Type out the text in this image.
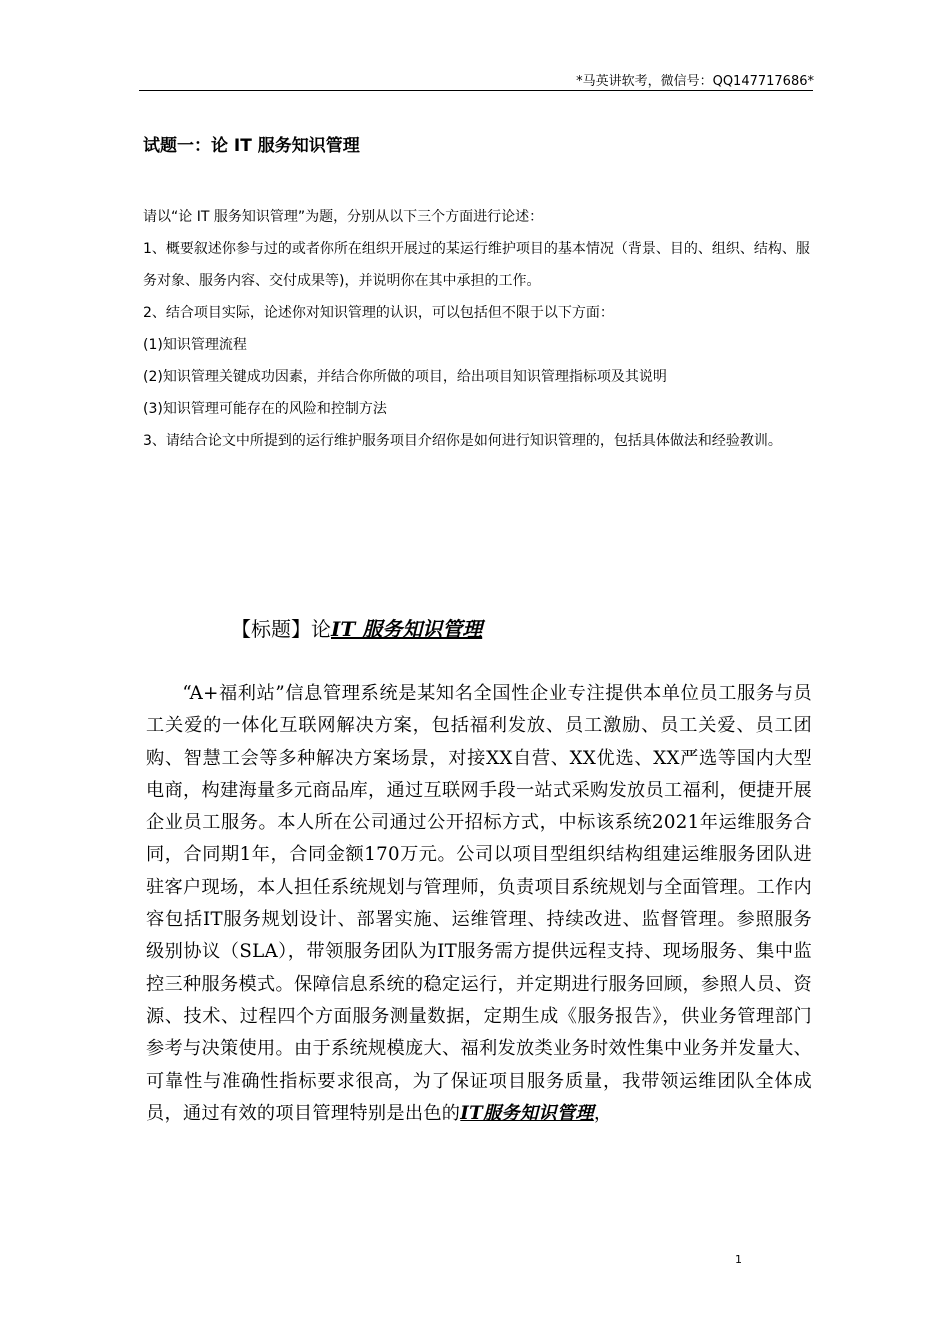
*马英讲软考，微信号：QQ147717686*
试题一：论 IT 服务知识管理

请以“论 IT 服务知识管理”为题，分别从以下三个方面进行论述：

1、概要叙述你参与过的或者你所在组织开展过的某运行维护项目的基本情况（背景、目的、组织、结构、服务对象、服务内容、交付成果等)，并说明你在其中承担的工作。

2、结合项目实际，论述你对知识管理的认识，可以包括但不限于以下方面：

(1)知识管理流程

(2)知识管理关键成功因素，并结合你所做的项目，给出项目知识管理指标项及其说明

(3)知识管理可能存在的风险和控制方法

3、请结合论文中所提到的运行维护服务项目介绍你是如何进行知识管理的，包括具体做法和经验教训。

【标题】论IT 服务知识管理

“A+福利站”信息管理系统是某知名全国性企业专注提供本单位员工服务与员工关爱的一体化互联网解决方案，包括福利发放、员工激励、员工关爱、员工团购、智慧工会等多种解决方案场景，对接XX自营、XX优选、XX严选等国内大型电商，构建海量多元商品库，通过互联网手段一站式采购发放员工福利，便捷开展企业员工服务。本人所在公司通过公开招标方式，中标该系统2021年运维服务合同，合同期1年，合同金额170万元。公司以项目型组织结构组建运维服务团队进驻客户现场，本人担任系统规划与管理师，负责项目系统规划与全面管理。工作内容包括IT服务规划设计、部署实施、运维管理、持续改进、监督管理。参照服务级别协议（SLA），带领服务团队为IT服务需方提供远程支持、现场服务、集中监控三种服务模式。保障信息系统的稳定运行，并定期进行服务回顾，参照人员、资源、技术、过程四个方面服务测量数据，定期生成《服务报告》，供业务管理部门参考与决策使用。由于系统规模庞大、福利发放类业务时效性集中业务并发量大、可靠性与准确性指标要求很高，为了保证项目服务质量，我带领运维团队全体成员，通过有效的项目管理特别是出色的IT服务知识管理，

1
